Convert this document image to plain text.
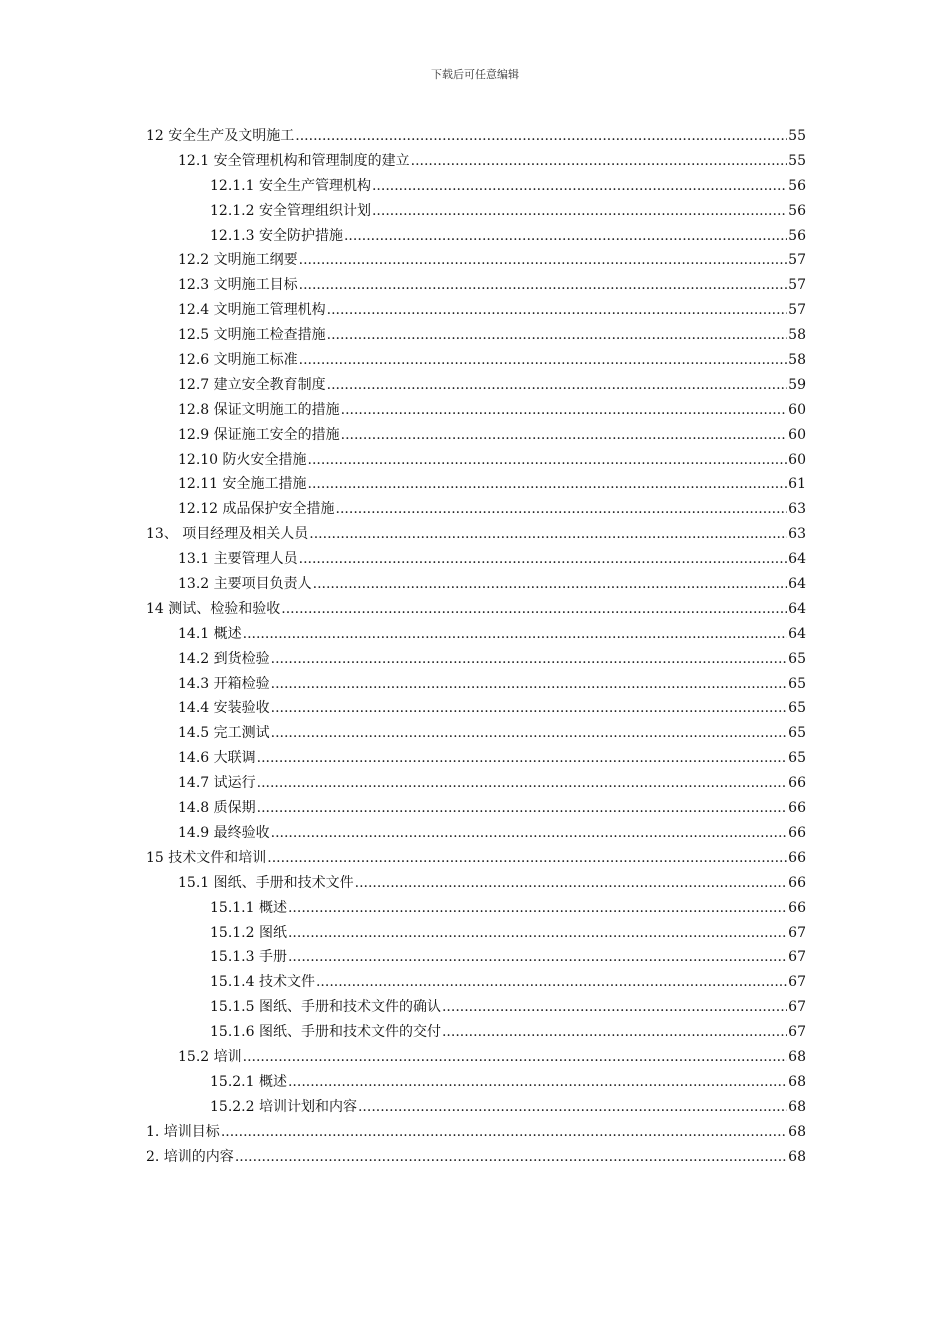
下载后可任意编辑
12 安全生产及文明施工 .....	55
12.1 安全管理机构和管理制度的建立 .....	55
12.1.1 安全生产管理机构 .....	56
12.1.2 安全管理组织计划 .....	56
12.1.3 安全防护措施 .....	56
12.2 文明施工纲要 .....	57
12.3 文明施工目标 .....	57
12.4 文明施工管理机构 .....	57
12.5 文明施工检查措施 .....	58
12.6 文明施工标准 .....	58
12.7 建立安全教育制度 .....	59
12.8 保证文明施工的措施 .....	60
12.9 保证施工安全的措施 .....	60
12.10 防火安全措施 .....	60
12.11 安全施工措施 .....	61
12.12 成品保护安全措施 .....	63
13、 项目经理及相关人员 .....	63
13.1 主要管理人员 .....	64
13.2 主要项目负责人 .....	64
14 测试、检验和验收 .....	64
14.1 概述 .....	64
14.2 到货检验 .....	65
14.3 开箱检验 .....	65
14.4 安装验收 .....	65
14.5 完工测试 .....	65
14.6 大联调 .....	65
14.7 试运行 .....	66
14.8 质保期 .....	66
14.9 最终验收 .....	66
15 技术文件和培训 .....	66
15.1 图纸、手册和技术文件 .....	66
15.1.1 概述 .....	66
15.1.2 图纸 .....	67
15.1.3 手册 .....	67
15.1.4 技术文件 .....	67
15.1.5 图纸、手册和技术文件的确认 .....	67
15.1.6 图纸、手册和技术文件的交付 .....	67
15.2 培训 .....	68
15.2.1 概述 .....	68
15.2.2 培训计划和内容 .....	68
1. 培训目标 .....	68
2. 培训的内容 .....	68
